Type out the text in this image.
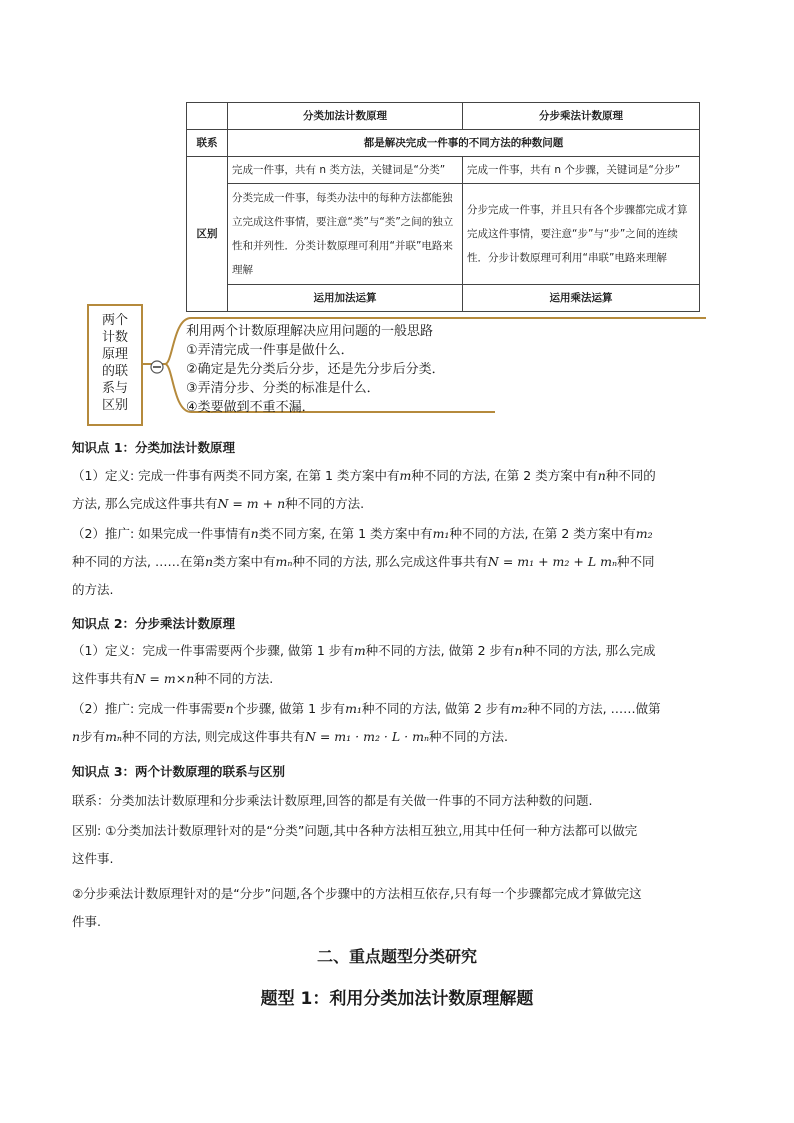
	分类加法计数原理	分步乘法计数原理
联系	都是解决完成一件事的不同方法的种数问题	
区别	完成一件事，共有 n 类方法，关键词是“分类”	完成一件事，共有 n 个步骤，关键词是“分步”
	分类完成一件事，每类办法中的每种方法都能独立完成这件事情，要注意“类”与“类”之间的独立性和并列性．分类计数原理可利用“并联”电路来理解	分步完成一件事，并且只有各个步骤都完成才算完成这件事情，要注意“步”与“步”之间的连续性．分步计数原理可利用“串联”电路来理解
	运用加法运算	运用乘法运算
两个
计数
原理
的联
系与
区别
利用两个计数原理解决应用问题的一般思路
①弄清完成一件事是做什么．
②确定是先分类后分步，还是先分步后分类．
③弄清分步、分类的标准是什么．
④类要做到不重不漏．
知识点 1：分类加法计数原理
（1）定义: 完成一件事有两类不同方案, 在第 1 类方案中有m种不同的方法, 在第 2 类方案中有n种不同的
方法, 那么完成这件事共有N = m + n种不同的方法.
（2）推广: 如果完成一件事情有n类不同方案, 在第 1 类方案中有m₁种不同的方法, 在第 2 类方案中有m₂
种不同的方法, ……在第n类方案中有mₙ种不同的方法, 那么完成这件事共有N = m₁ + m₂ + L mₙ种不同
的方法.
知识点 2：分步乘法计数原理
（1）定义：完成一件事需要两个步骤, 做第 1 步有m种不同的方法, 做第 2 步有n种不同的方法, 那么完成
这件事共有N = m×n种不同的方法.
（2）推广: 完成一件事需要n个步骤, 做第 1 步有m₁种不同的方法, 做第 2 步有m₂种不同的方法, ……做第
n步有mₙ种不同的方法, 则完成这件事共有N = m₁ · m₂ · L · mₙ种不同的方法.
知识点 3：两个计数原理的联系与区别
联系：分类加法计数原理和分步乘法计数原理,回答的都是有关做一件事的不同方法种数的问题.
区别: ①分类加法计数原理针对的是“分类”问题,其中各种方法相互独立,用其中任何一种方法都可以做完
这件事.
②分步乘法计数原理针对的是“分步”问题,各个步骤中的方法相互依存,只有每一个步骤都完成才算做完这
件事.
二、重点题型分类研究
题型 1：利用分类加法计数原理解题
